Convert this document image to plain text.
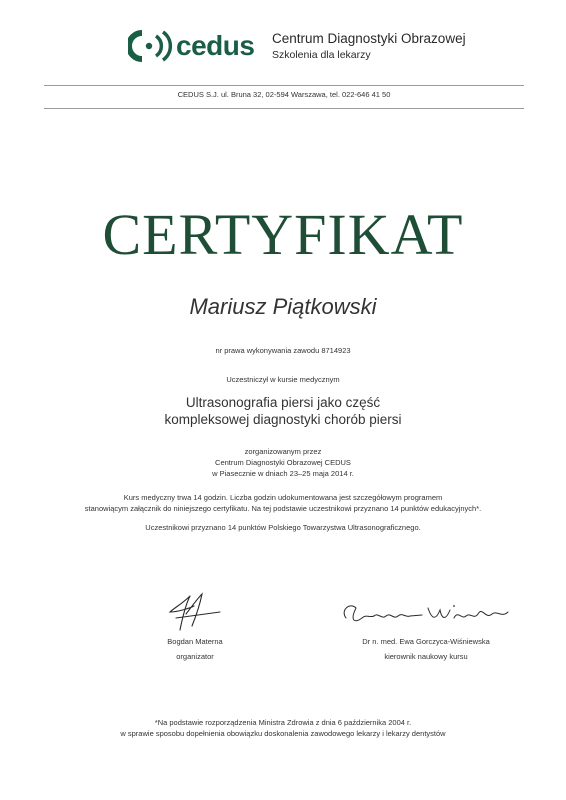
cedus Centrum Diagnostyki Obrazowej
Szkolenia dla lekarzy
CEDUS S.J. ul. Bruna 32, 02-594 Warszawa, tel. 022-646 41 50
CERTYFIKAT
Mariusz Piątkowski
nr prawa wykonywania zawodu 8714923
Uczestniczył w kursie medycznym
Ultrasonografia piersi jako część
kompleksowej diagnostyki chorób piersi
zorganizowanym przez
Centrum Diagnostyki Obrazowej CEDUS
w Piasecznie w dniach 23–25 maja 2014 r.
Kurs medyczny trwa 14 godzin. Liczba godzin udokumentowana jest szczegółowym programem
stanowiącym załącznik do niniejszego certyfikatu. Na tej podstawie uczestnikowi przyznano 14 punktów edukacyjnych*.
Uczestnikowi przyznano 14 punktów Polskiego Towarzystwa Ultrasonograficznego.
Bogdan Materna
organizator
Dr n. med. Ewa Gorczyca-Wiśniewska
kierownik naukowy kursu
*Na podstawie rozporządzenia Ministra Zdrowia z dnia 6 października 2004 r.
w sprawie sposobu dopełnienia obowiązku doskonalenia zawodowego lekarzy i lekarzy dentystów
